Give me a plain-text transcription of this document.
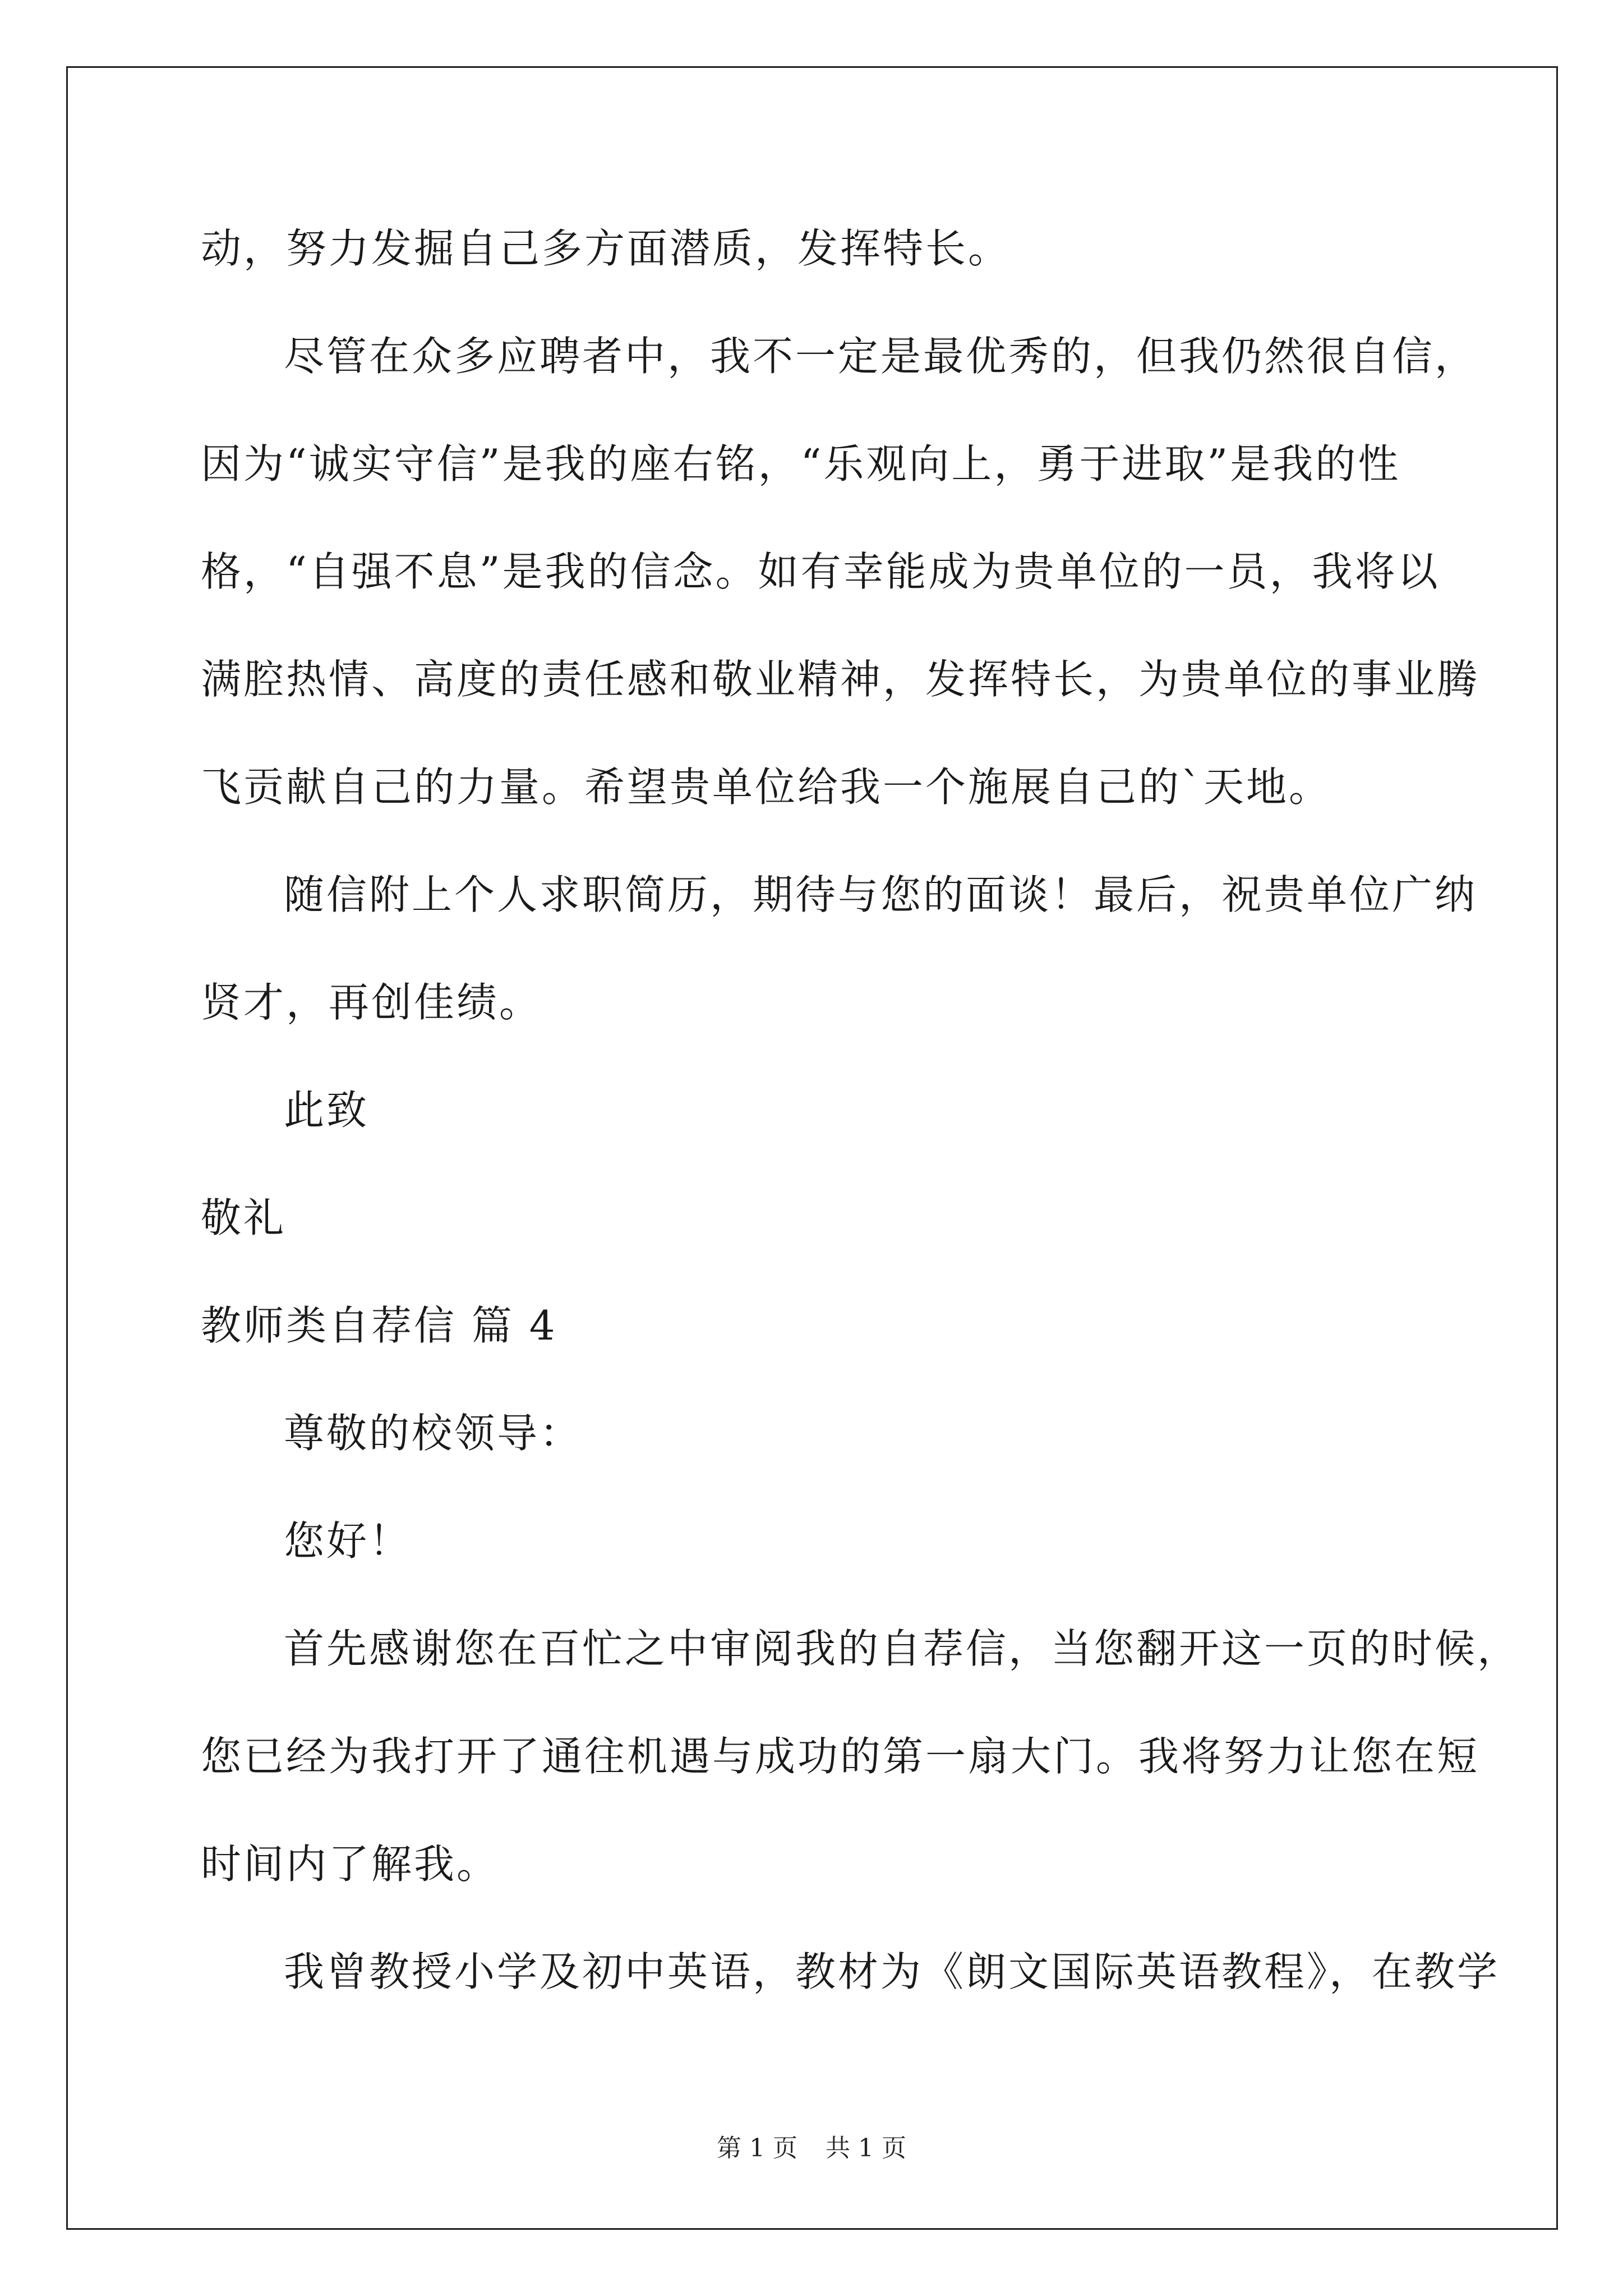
动，努力发掘自己多方面潜质，发挥特长。
尽管在众多应聘者中，我不一定是最优秀的，但我仍然很自信，
因为“诚实守信”是我的座右铭，“乐观向上，勇于进取”是我的性
格，“自强不息”是我的信念。如有幸能成为贵单位的一员，我将以
满腔热情、高度的责任感和敬业精神，发挥特长，为贵单位的事业腾
飞贡献自己的力量。希望贵单位给我一个施展自己的`天地。
随信附上个人求职简历，期待与您的面谈！最后，祝贵单位广纳
贤才，再创佳绩。
此致
敬礼
教师类自荐信 篇 4
尊敬的校领导：
您好！
首先感谢您在百忙之中审阅我的自荐信，当您翻开这一页的时候，
您已经为我打开了通往机遇与成功的第一扇大门。我将努力让您在短
时间内了解我。
我曾教授小学及初中英语，教材为《朗文国际英语教程》，在教学
第 1 页 共 1 页
